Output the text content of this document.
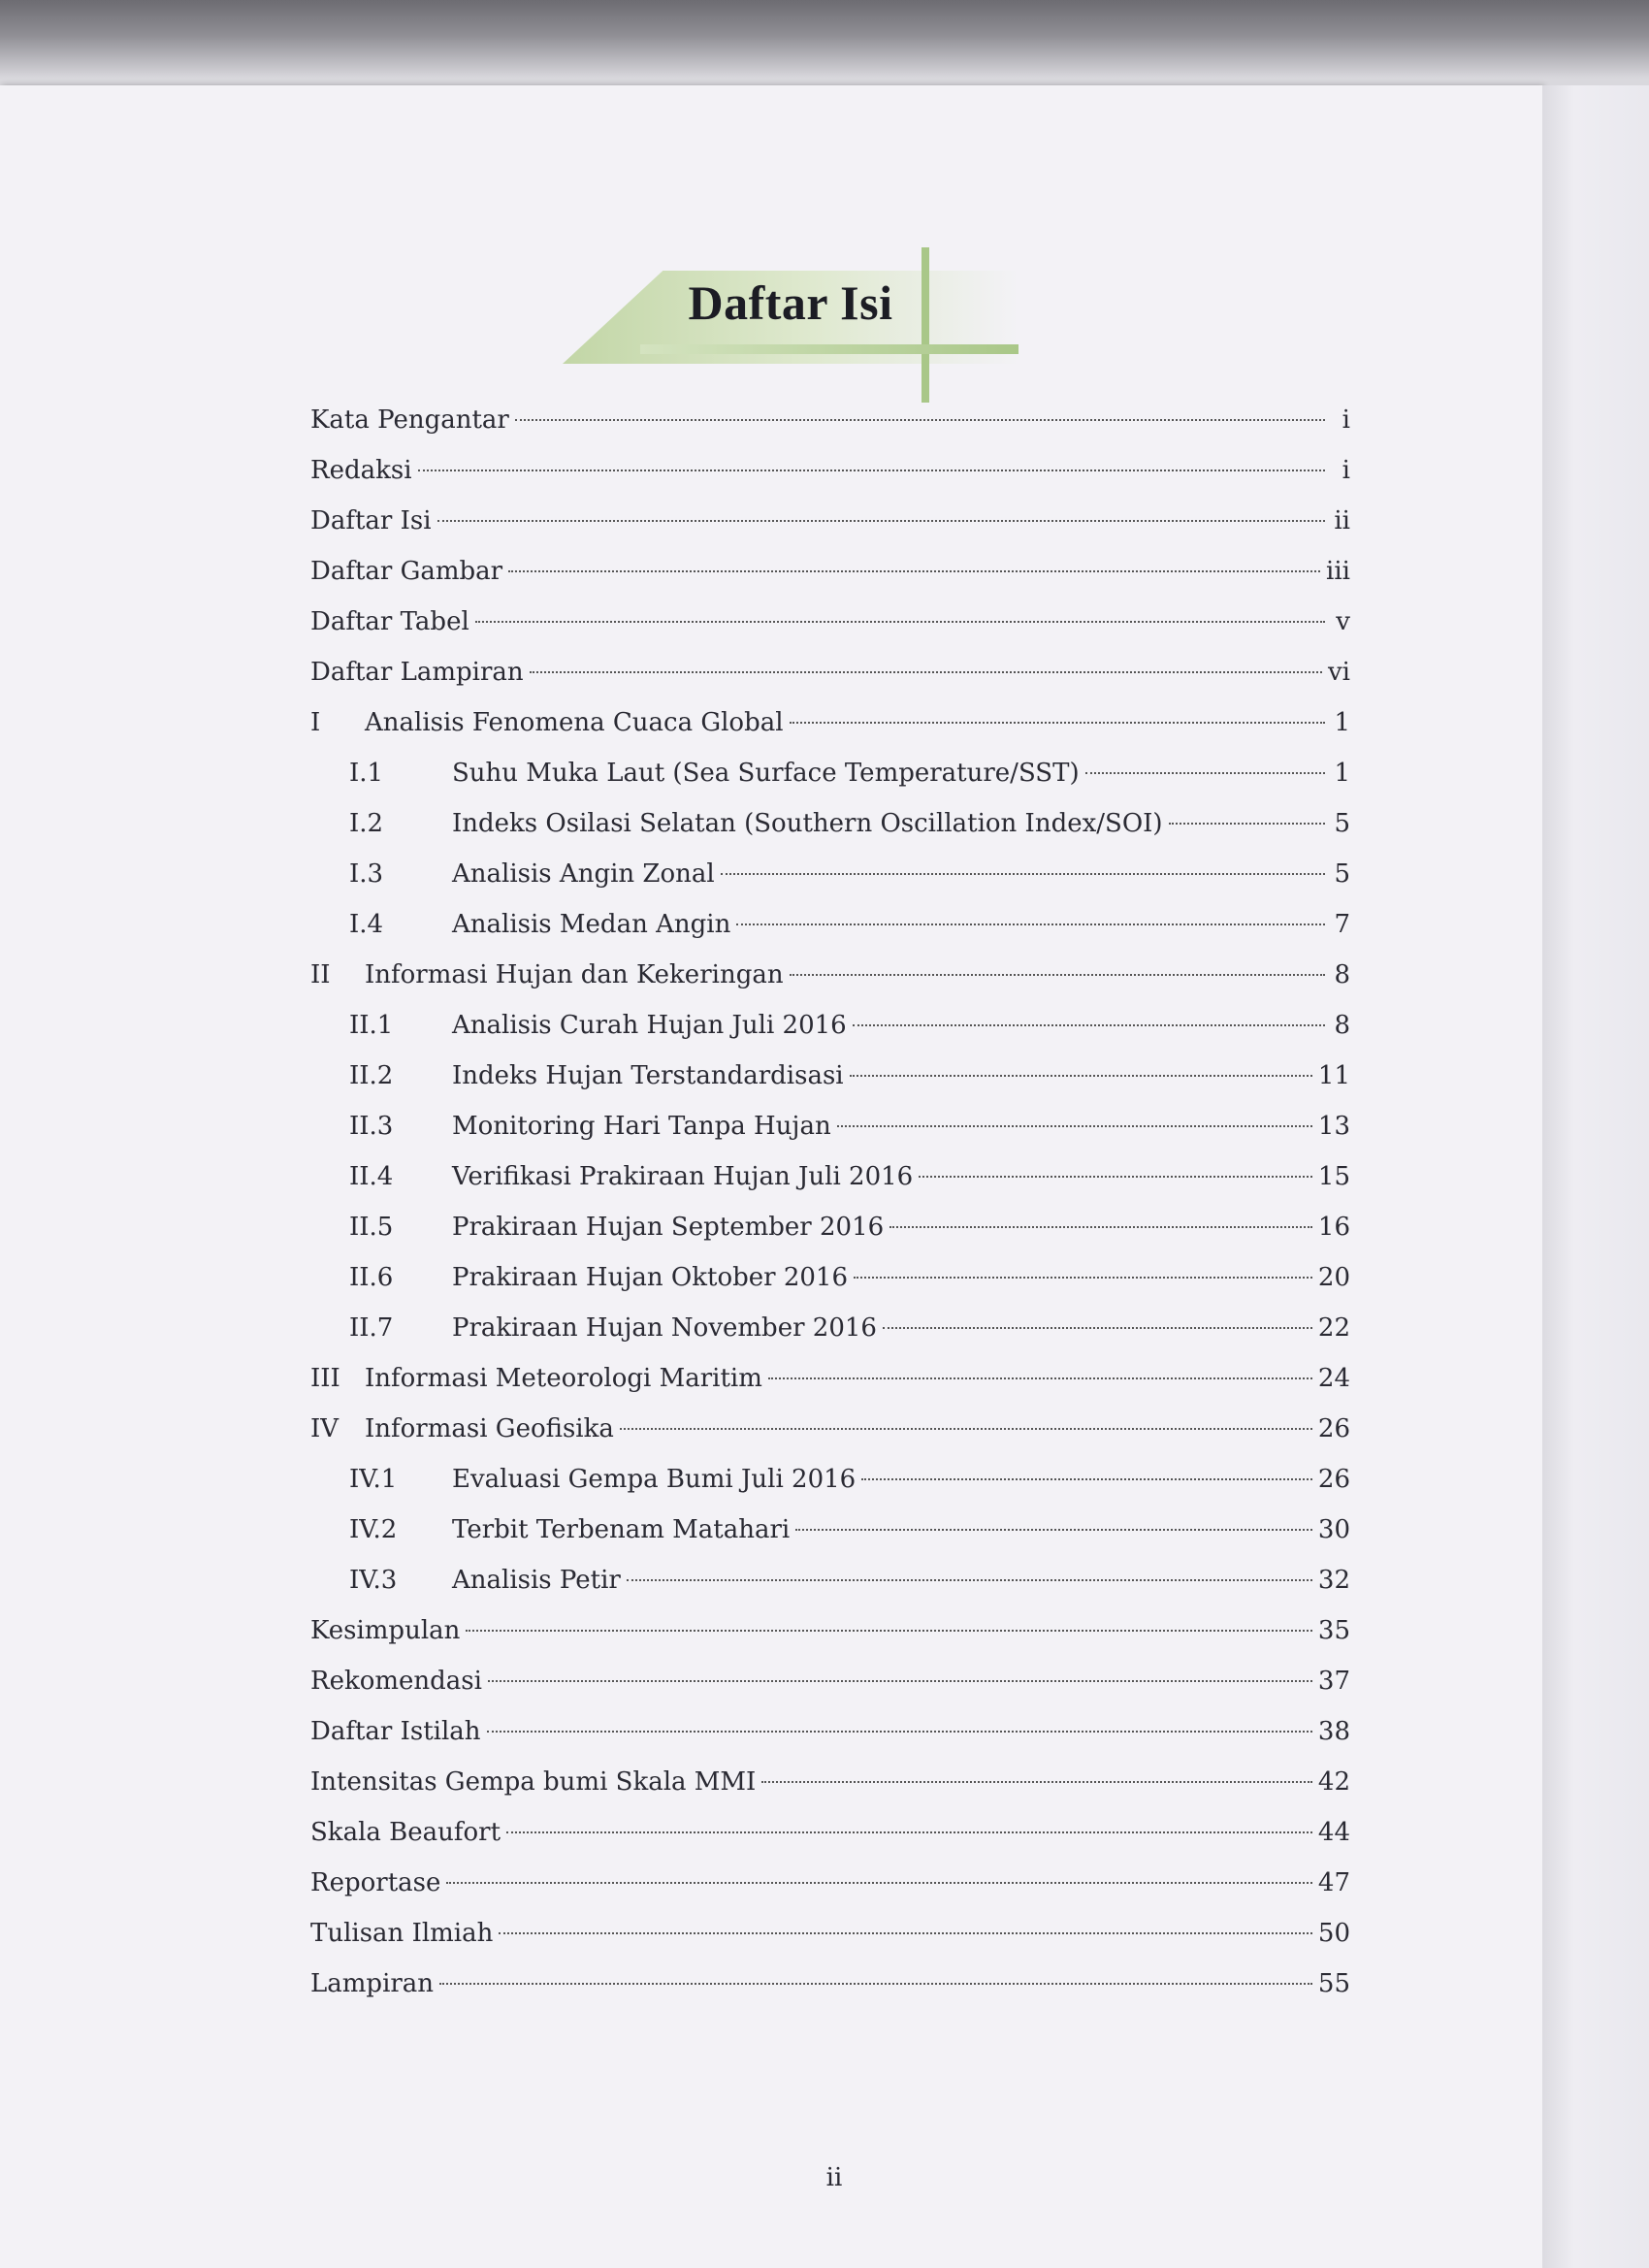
Daftar Isi
Kata Pengantar	i
Redaksi	i
Daftar Isi	ii
Daftar Gambar	iii
Daftar Tabel	v
Daftar Lampiran	vi
I	Analisis Fenomena Cuaca Global	1
I.1	Suhu Muka Laut (Sea Surface Temperature/SST)	1
I.2	Indeks Osilasi Selatan (Southern Oscillation Index/SOI)	5
I.3	Analisis Angin Zonal	5
I.4	Analisis Medan Angin	7
II	Informasi Hujan dan Kekeringan	8
II.1	Analisis Curah Hujan Juli 2016	8
II.2	Indeks Hujan Terstandardisasi	11
II.3	Monitoring Hari Tanpa Hujan	13
II.4	Verifikasi Prakiraan Hujan Juli 2016	15
II.5	Prakiraan Hujan September 2016	16
II.6	Prakiraan Hujan Oktober 2016	20
II.7	Prakiraan Hujan November 2016	22
III Informasi Meteorologi Maritim	24
IV	Informasi Geofisika	26
IV.1	Evaluasi Gempa Bumi Juli 2016	26
IV.2	Terbit Terbenam Matahari	30
IV.3	Analisis Petir	32
Kesimpulan	35
Rekomendasi	37
Daftar Istilah	38
Intensitas Gempa bumi Skala MMI	42
Skala Beaufort	44
Reportase	47
Tulisan Ilmiah	50
Lampiran	55
ii
